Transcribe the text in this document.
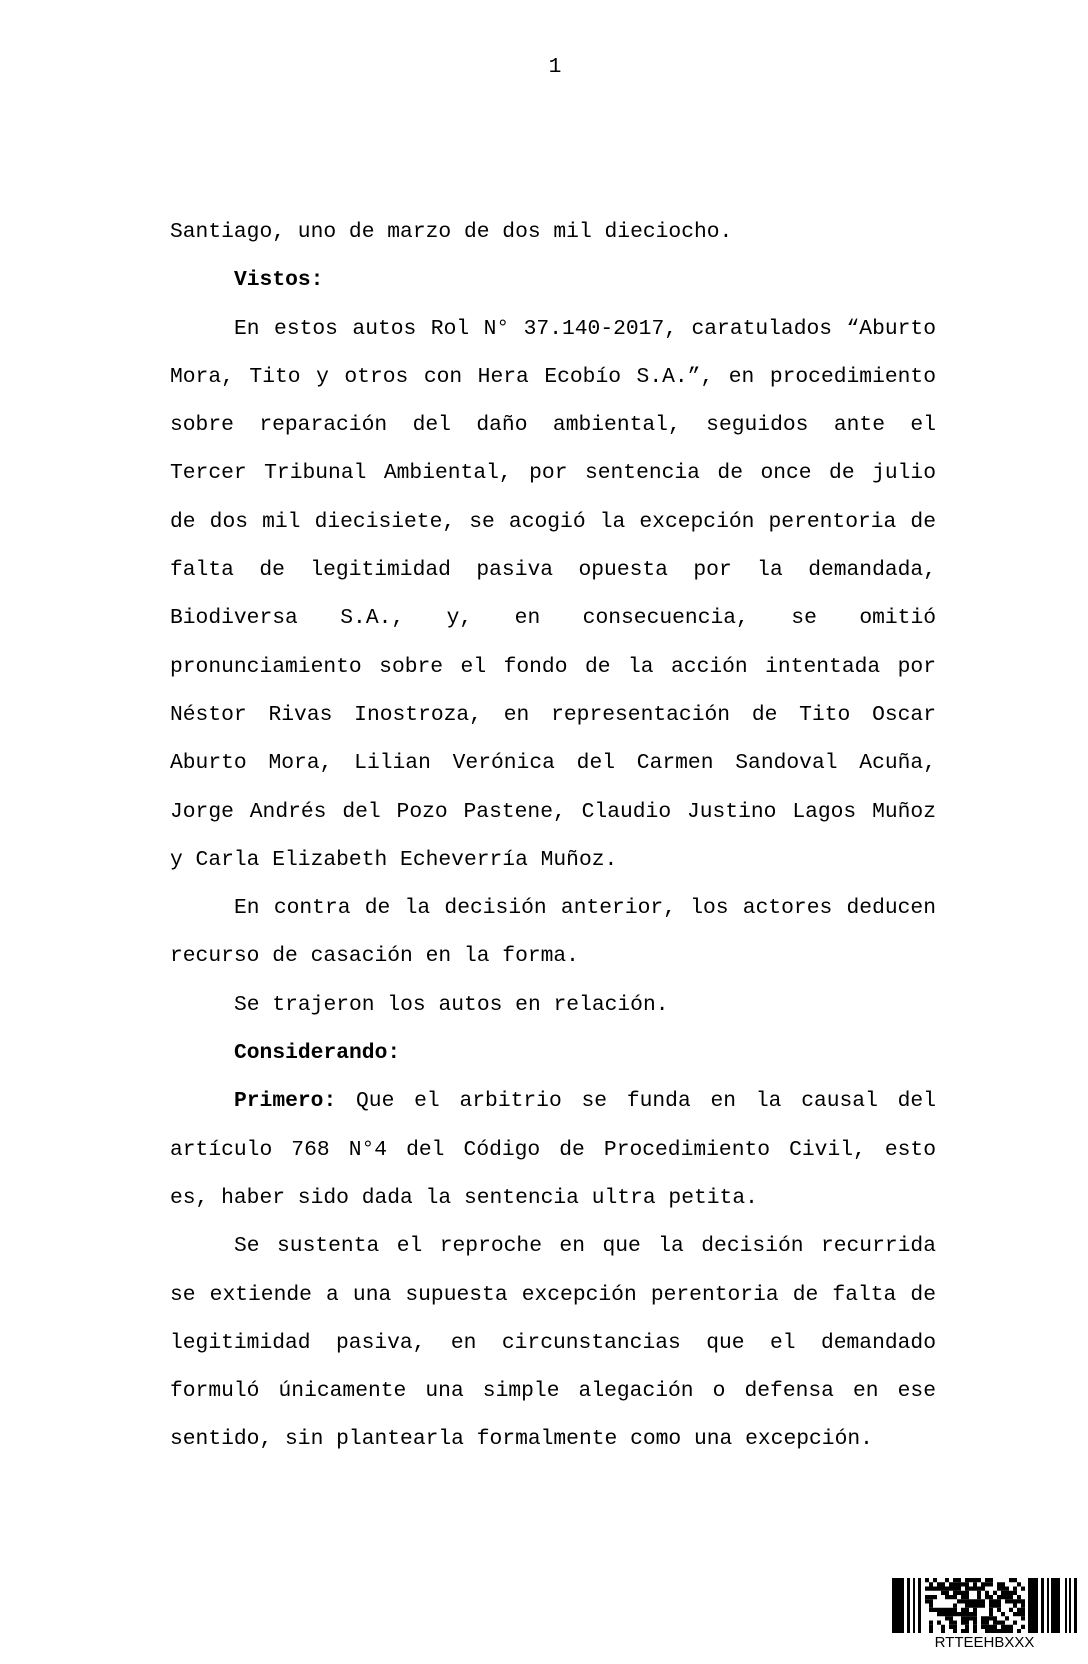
1
Santiago, uno de marzo de dos mil dieciocho.
Vistos:
En estos autos Rol N° 37.140-2017, caratulados “Aburto
Mora, Tito y otros con Hera Ecobío S.A.”, en procedimiento
sobre reparación del daño ambiental, seguidos ante el
Tercer Tribunal Ambiental, por sentencia de once de julio
de dos mil diecisiete, se acogió la excepción perentoria de
falta de legitimidad pasiva opuesta por la demandada,
Biodiversa S.A., y, en consecuencia, se omitió
pronunciamiento sobre el fondo de la acción intentada por
Néstor Rivas Inostroza, en representación de Tito Oscar
Aburto Mora, Lilian Verónica del Carmen Sandoval Acuña,
Jorge Andrés del Pozo Pastene, Claudio Justino Lagos Muñoz
y Carla Elizabeth Echeverría Muñoz.
En contra de la decisión anterior, los actores deducen
recurso de casación en la forma.
Se trajeron los autos en relación.
Considerando:
Primero: Que el arbitrio se funda en la causal del
artículo 768 N°4 del Código de Procedimiento Civil, esto
es, haber sido dada la sentencia ultra petita.
Se sustenta el reproche en que la decisión recurrida
se extiende a una supuesta excepción perentoria de falta de
legitimidad pasiva, en circunstancias que el demandado
formuló únicamente una simple alegación o defensa en ese
sentido, sin plantearla formalmente como una excepción.
RTTEEHBXXX
